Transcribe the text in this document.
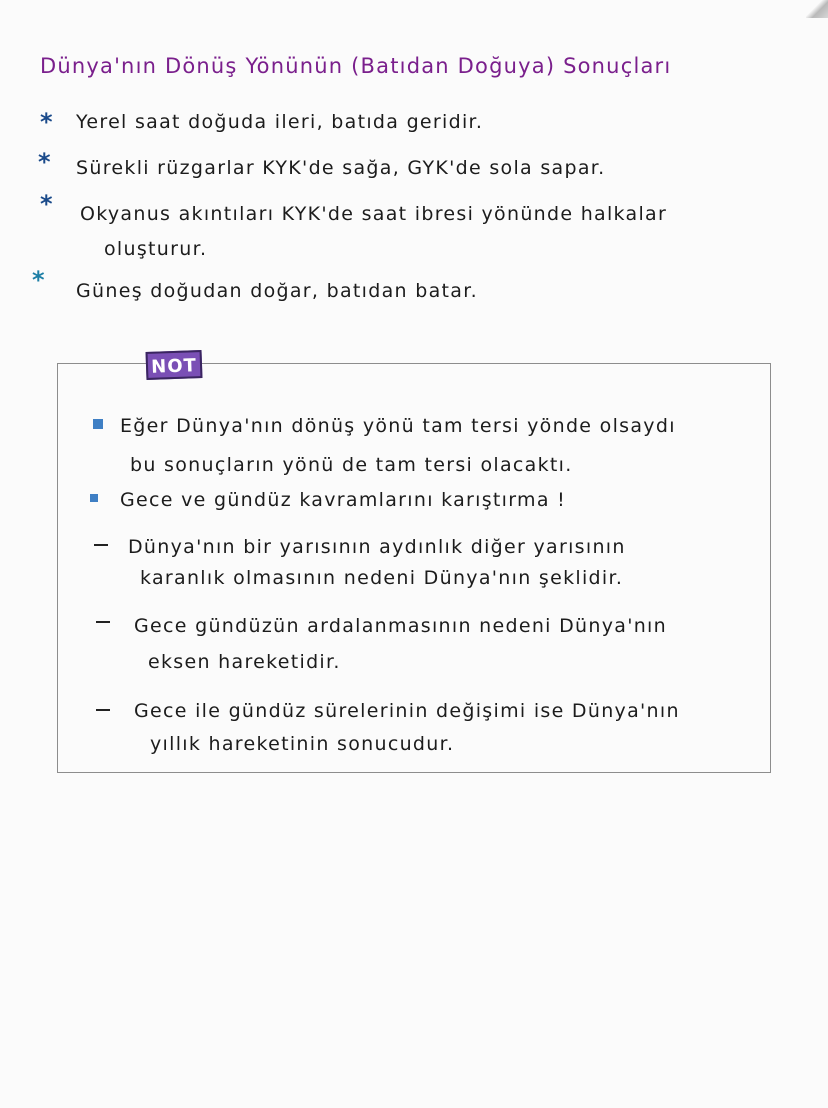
Dünya'nın Dönüş Yönünün (Batıdan Doğuya) Sonuçları
*	Yerel saat doğuda ileri, batıda geridir.
*	Sürekli rüzgarlar KYK'de sağa, GYK'de sola sapar.
*	Okyanus akıntıları KYK'de saat ibresi yönünde halkalar
oluşturur.
*	Güneş doğudan doğar, batıdan batar.
NOT
Eğer Dünya'nın dönüş yönü tam tersi yönde olsaydı
bu sonuçların yönü de tam tersi olacaktı.
Gece ve gündüz kavramlarını karıştırma !
Dünya'nın bir yarısının aydınlık diğer yarısının
karanlık olmasının nedeni Dünya'nın şeklidir.
Gece gündüzün ardalanmasının nedeni Dünya'nın
eksen hareketidir.
Gece ile gündüz sürelerinin değişimi ise Dünya'nın
yıllık hareketinin sonucudur.
